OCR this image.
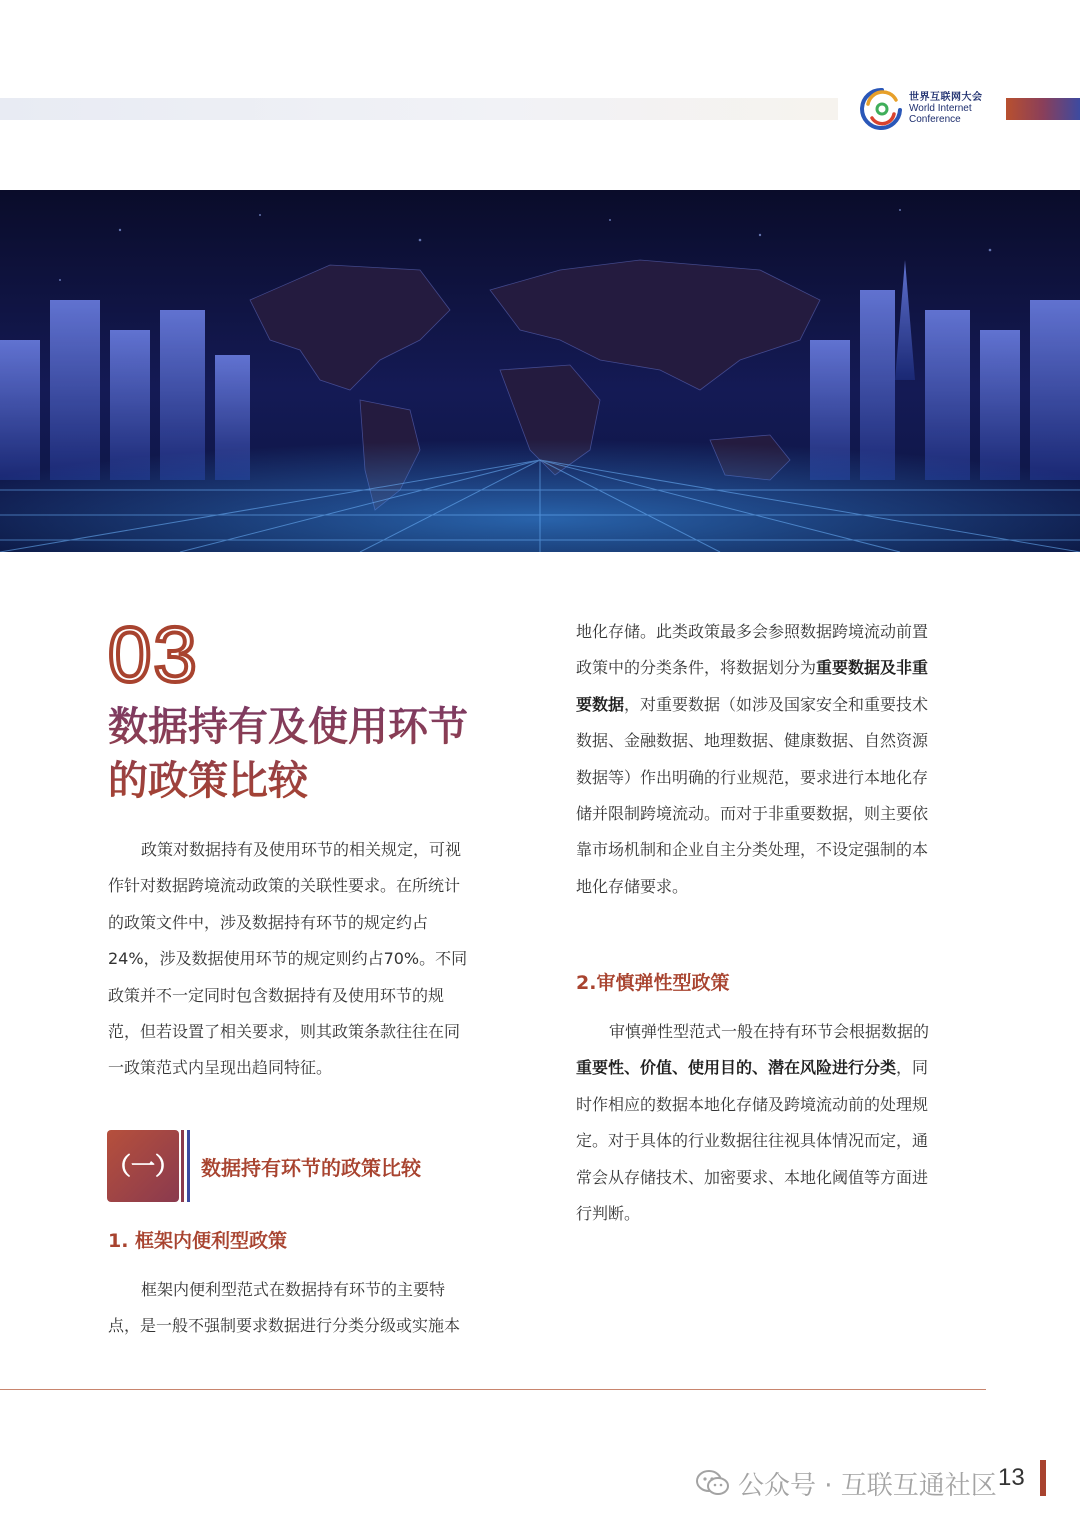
世界互联网大会
World Internet
Conference
03
数据持有及使用环节
的政策比较

政策对数据持有及使用环节的相关规定，可视
作针对数据跨境流动政策的关联性要求。在所统计
的政策文件中，涉及数据持有环节的规定约占
24%，涉及数据使用环节的规定则约占70%。不同
政策并不一定同时包含数据持有及使用环节的规
范，但若设置了相关要求，则其政策条款往往在同
一政策范式内呈现出趋同特征。

（一） 数据持有环节的政策比较
1. 框架内便利型政策

框架内便利型范式在数据持有环节的主要特
点，是一般不强制要求数据进行分类分级或实施本

地化存储。此类政策最多会参照数据跨境流动前置
政策中的分类条件，将数据划分为重要数据及非重
要数据，对重要数据（如涉及国家安全和重要技术
数据、金融数据、地理数据、健康数据、自然资源
数据等）作出明确的行业规范，要求进行本地化存
储并限制跨境流动。而对于非重要数据，则主要依
靠市场机制和企业自主分类处理，不设定强制的本
地化存储要求。

2.审慎弹性型政策

审慎弹性型范式一般在持有环节会根据数据的
重要性、价值、使用目的、潜在风险进行分类，同
时作相应的数据本地化存储及跨境流动前的处理规
定。对于具体的行业数据往往视具体情况而定，通
常会从存储技术、加密要求、本地化阈值等方面进
行判断。

公众号 · 互联互通社区 13
